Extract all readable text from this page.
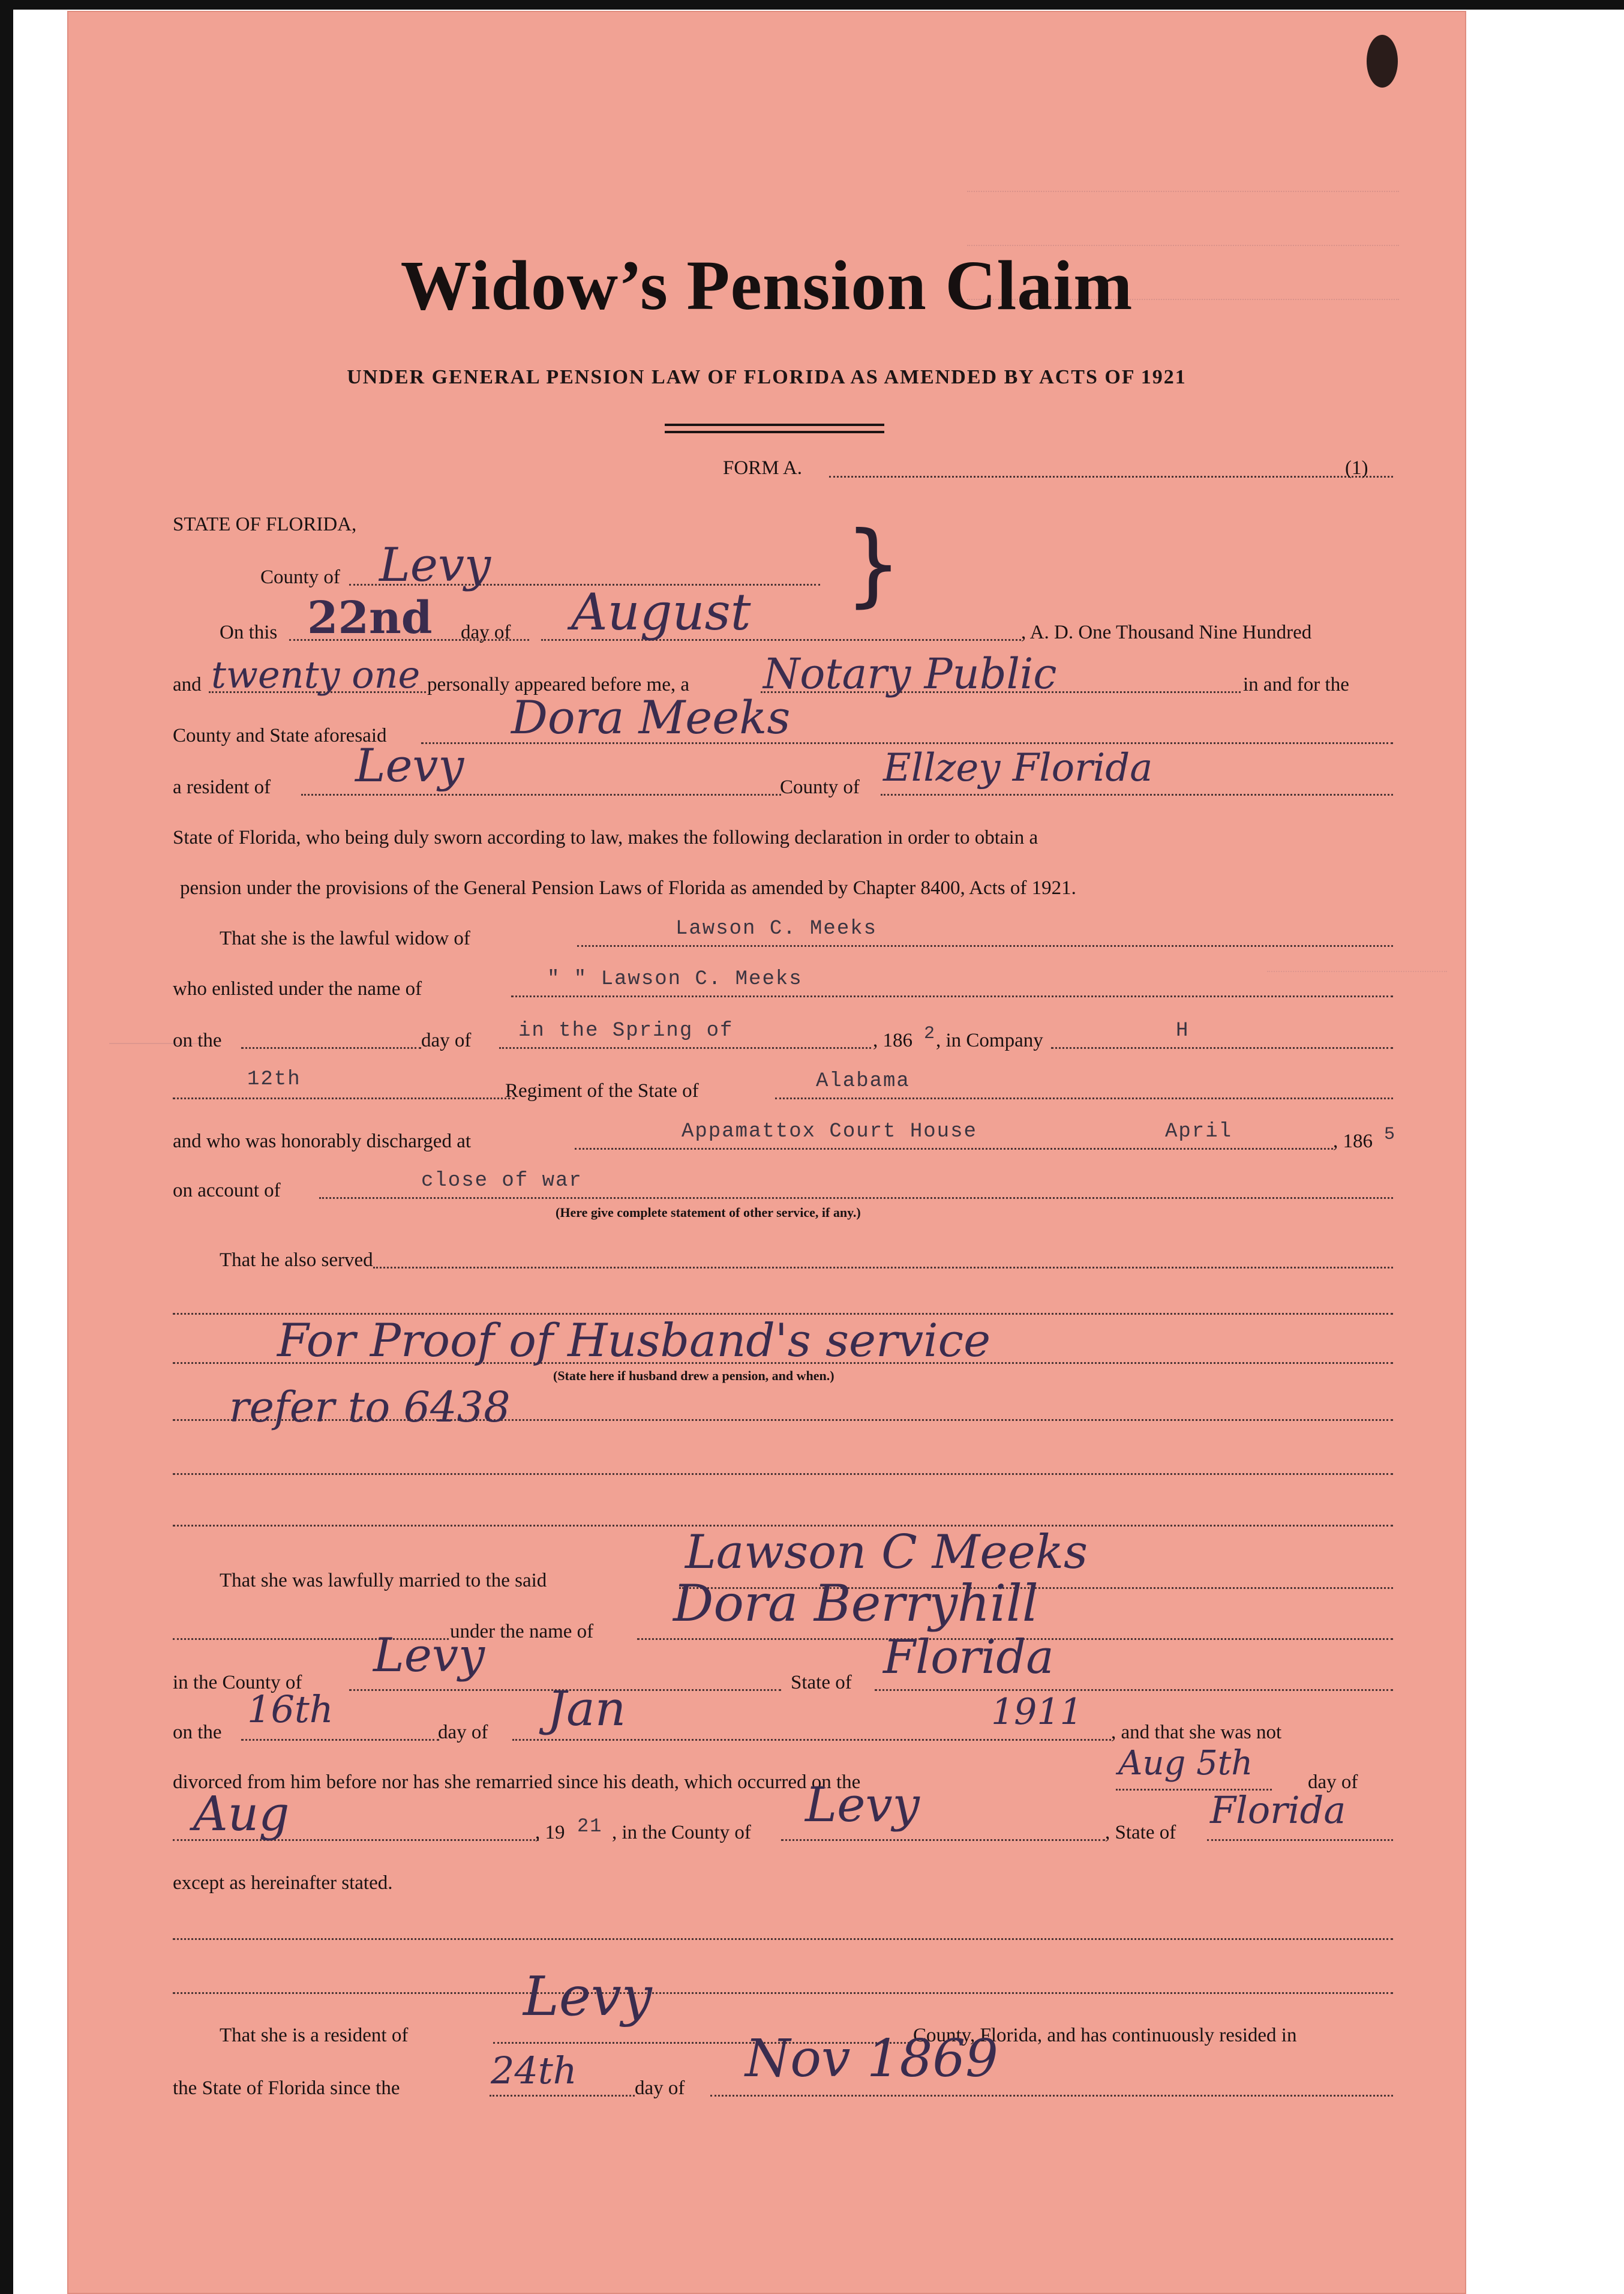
Widow’s Pension Claim
UNDER GENERAL PENSION LAW OF FLORIDA AS AMENDED BY ACTS OF 1921
FORM A.	(1)
STATE OF FLORIDA,
County of Levy	}
On this 22nd day of August	, A. D. One Thousand Nine Hundred
and twenty one personally appeared before me, a Notary Public	in and for the
County and State aforesaid	Dora Meeks
a resident of Levy	County of Ellzey Florida
State of Florida, who being duly sworn according to law, makes the following declaration in order to obtain a
pension under the provisions of the General Pension Laws of Florida as amended by Chapter 8400, Acts of 1921.
That she is the lawful widow of	Lawson C. Meeks
who enlisted under the name of	" " Lawson C. Meeks
on the	day of in the Spring of	, 186 2 , in Company	H
12th	Regiment of the State of	Alabama
and who was honorably discharged at	Appamattox Court House	April	, 186 5
on account of	close of war
(Here give complete statement of other service, if any.)
That he also served
For Proof of Husband's service
(State here if husband drew a pension, and when.)
refer to 6438
That she was lawfully married to the said
Lawson C Meeks
under the name of Dora Berryhill
in the County of Levy	State of Florida
on the
16th
day of Jan	1911 , and that she was not
divorced from him before nor has she remarried since his death, which occurred on the	Aug 5th	day of
Aug	, 19 21 , in the County of Levy	, State of
Florida
except as hereinafter stated.
That she is a resident of
Levy
County, Florida, and has continuously resided in
the State of Florida since the 24th	day of Nov 1869
